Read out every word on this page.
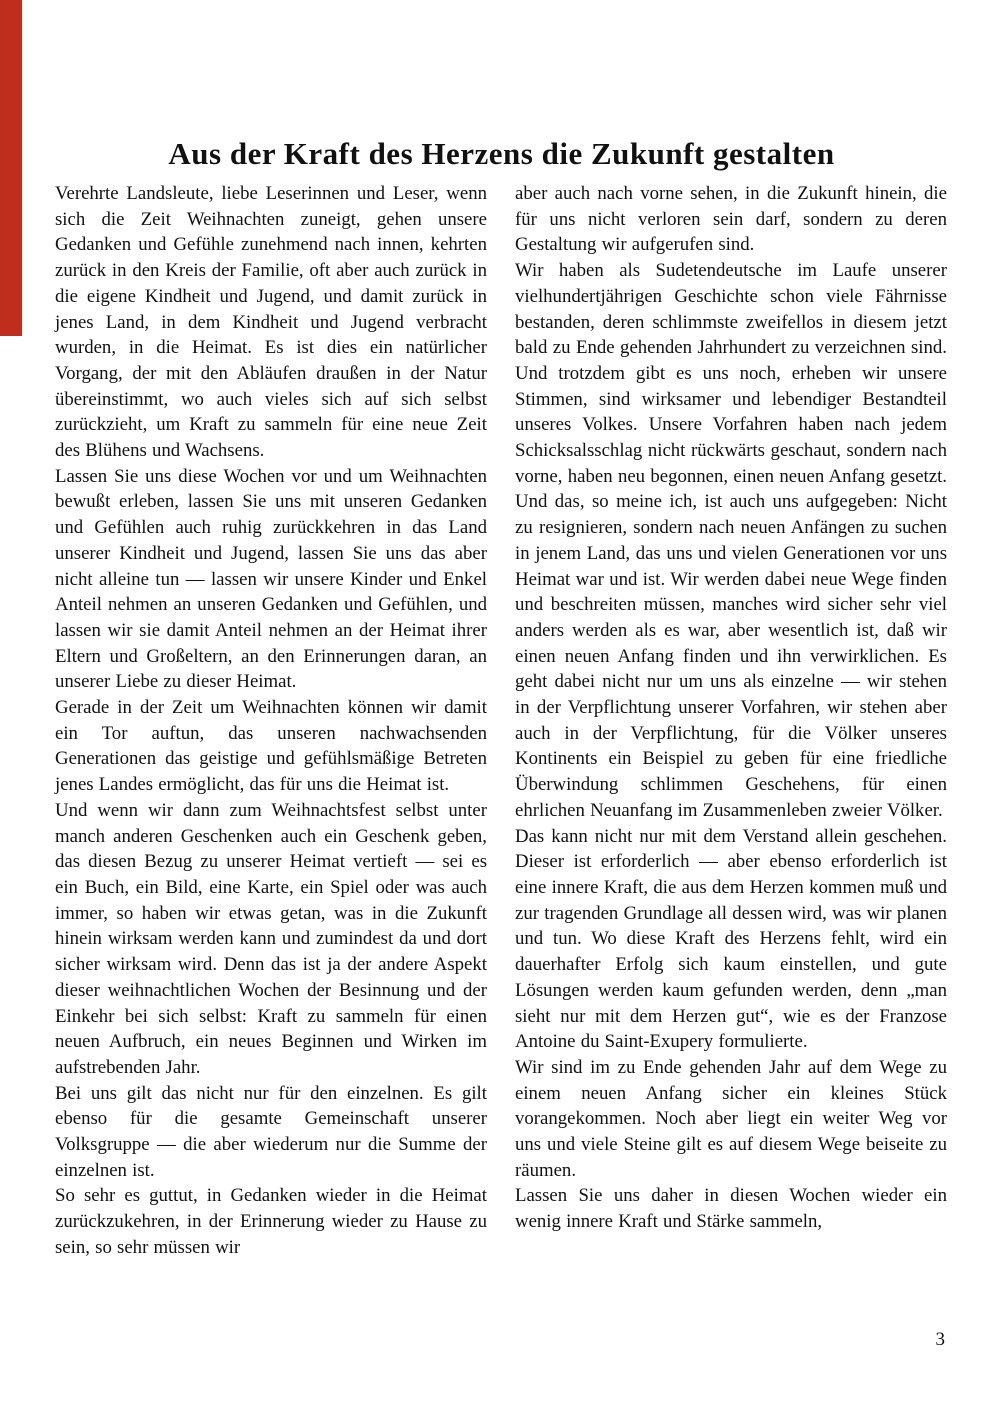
Aus der Kraft des Herzens die Zukunft gestalten

Verehrte Landsleute, liebe Leserinnen und Leser, wenn sich die Zeit Weihnachten zuneigt, gehen unsere Gedanken und Gefühle zunehmend nach innen, kehrten zurück in den Kreis der Familie, oft aber auch zurück in die eigene Kindheit und Jugend, und damit zurück in jenes Land, in dem Kindheit und Jugend verbracht wurden, in die Heimat. Es ist dies ein natürlicher Vorgang, der mit den Abläufen draußen in der Natur übereinstimmt, wo auch vieles sich auf sich selbst zurückzieht, um Kraft zu sammeln für eine neue Zeit des Blühens und Wachsens.

Lassen Sie uns diese Wochen vor und um Weihnachten bewußt erleben, lassen Sie uns mit unseren Gedanken und Gefühlen auch ruhig zurückkehren in das Land unserer Kindheit und Jugend, lassen Sie uns das aber nicht alleine tun — lassen wir unsere Kinder und Enkel Anteil nehmen an unseren Gedanken und Gefühlen, und lassen wir sie damit Anteil nehmen an der Heimat ihrer Eltern und Großeltern, an den Erinnerungen daran, an unserer Liebe zu dieser Heimat.

Gerade in der Zeit um Weihnachten können wir damit ein Tor auftun, das unseren nachwachsenden Generationen das geistige und gefühlsmäßige Betreten jenes Landes ermöglicht, das für uns die Heimat ist.

Und wenn wir dann zum Weihnachtsfest selbst unter manch anderen Geschenken auch ein Geschenk geben, das diesen Bezug zu unserer Heimat vertieft — sei es ein Buch, ein Bild, eine Karte, ein Spiel oder was auch immer, so haben wir etwas getan, was in die Zukunft hinein wirksam werden kann und zumindest da und dort sicher wirksam wird. Denn das ist ja der andere Aspekt dieser weihnachtlichen Wochen der Besinnung und der Einkehr bei sich selbst: Kraft zu sammeln für einen neuen Aufbruch, ein neues Beginnen und Wirken im aufstrebenden Jahr.

Bei uns gilt das nicht nur für den einzelnen. Es gilt ebenso für die gesamte Gemeinschaft unserer Volksgruppe — die aber wiederum nur die Summe der einzelnen ist.

So sehr es guttut, in Gedanken wieder in die Heimat zurückzukehren, in der Erinnerung wieder zu Hause zu sein, so sehr müssen wir

aber auch nach vorne sehen, in die Zukunft hinein, die für uns nicht verloren sein darf, sondern zu deren Gestaltung wir aufgerufen sind.

Wir haben als Sudetendeutsche im Laufe unserer vielhundertjährigen Geschichte schon viele Fährnisse bestanden, deren schlimmste zweifellos in diesem jetzt bald zu Ende gehenden Jahrhundert zu verzeichnen sind. Und trotzdem gibt es uns noch, erheben wir unsere Stimmen, sind wirksamer und lebendiger Bestandteil unseres Volkes. Unsere Vorfahren haben nach jedem Schicksalsschlag nicht rückwärts geschaut, sondern nach vorne, haben neu begonnen, einen neuen Anfang gesetzt. Und das, so meine ich, ist auch uns aufgegeben: Nicht zu resignieren, sondern nach neuen Anfängen zu suchen in jenem Land, das uns und vielen Generationen vor uns Heimat war und ist. Wir werden dabei neue Wege finden und beschreiten müssen, manches wird sicher sehr viel anders werden als es war, aber wesentlich ist, daß wir einen neuen Anfang finden und ihn verwirklichen. Es geht dabei nicht nur um uns als einzelne — wir stehen in der Verpflichtung unserer Vorfahren, wir stehen aber auch in der Verpflichtung, für die Völker unseres Kontinents ein Beispiel zu geben für eine friedliche Überwindung schlimmen Geschehens, für einen ehrlichen Neuanfang im Zusammenleben zweier Völker.

Das kann nicht nur mit dem Verstand allein geschehen. Dieser ist erforderlich — aber ebenso erforderlich ist eine innere Kraft, die aus dem Herzen kommen muß und zur tragenden Grundlage all dessen wird, was wir planen und tun. Wo diese Kraft des Herzens fehlt, wird ein dauerhafter Erfolg sich kaum einstellen, und gute Lösungen werden kaum gefunden werden, denn „man sieht nur mit dem Herzen gut“, wie es der Franzose Antoine du Saint-Exupery formulierte.

Wir sind im zu Ende gehenden Jahr auf dem Wege zu einem neuen Anfang sicher ein kleines Stück vorangekommen. Noch aber liegt ein weiter Weg vor uns und viele Steine gilt es auf diesem Wege beiseite zu räumen.

Lassen Sie uns daher in diesen Wochen wieder ein wenig innere Kraft und Stärke sammeln,

3
